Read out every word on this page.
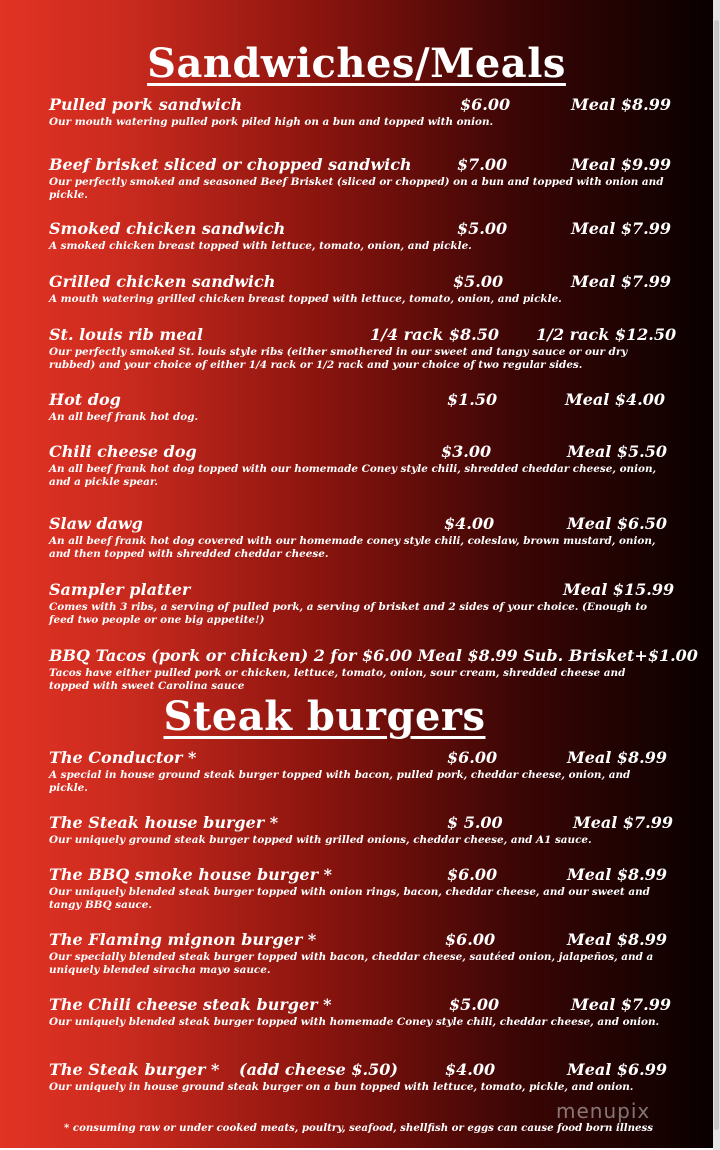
Sandwiches/Meals
Pulled pork sandwich	$6.00	Meal $8.99
Our mouth watering pulled pork piled high on a bun and topped with onion.
Beef brisket sliced or chopped sandwich	$7.00	Meal $9.99
Our perfectly smoked and seasoned Beef Brisket (sliced or chopped) on a bun and topped with onion and pickle.
Smoked chicken sandwich	$5.00	Meal $7.99
A smoked chicken breast topped with lettuce, tomato, onion, and pickle.
Grilled chicken sandwich	$5.00	Meal $7.99
A mouth watering grilled chicken breast topped with lettuce, tomato, onion, and pickle.
St. louis rib meal	1/4 rack $8.50 1/2 rack $12.50
Our perfectly smoked St. louis style ribs (either smothered in our sweet and tangy sauce or our dry rubbed) and your choice of either 1/4 rack or 1/2 rack and your choice of two regular sides.
Hot dog	$1.50	Meal $4.00
An all beef frank hot dog.
Chili cheese dog	$3.00	Meal $5.50
An all beef frank hot dog topped with our homemade Coney style chili, shredded cheddar cheese, onion, and a pickle spear.
Slaw dawg	$4.00	Meal $6.50
An all beef frank hot dog covered with our homemade coney style chili, coleslaw, brown mustard, onion, and then topped with shredded cheddar cheese.
Sampler platter	Meal $15.99
Comes with 3 ribs, a serving of pulled pork, a serving of brisket and 2 sides of your choice. (Enough to feed two people or one big appetite!)
BBQ Tacos (pork or chicken) 2 for $6.00 Meal $8.99 Sub. Brisket+$1.00
Tacos have either pulled pork or chicken, lettuce, tomato, onion, sour cream, shredded cheese and topped with sweet Carolina sauce
Steak burgers
The Conductor *	$6.00	Meal $8.99
A special in house ground steak burger topped with bacon, pulled pork, cheddar cheese, onion, and pickle.
The Steak house burger *	$ 5.00	Meal $7.99
Our uniquely ground steak burger topped with grilled onions, cheddar cheese, and A1 sauce.
The BBQ smoke house burger *	$6.00	Meal $8.99
Our uniquely blended steak burger topped with onion rings, bacon, cheddar cheese, and our sweet and tangy BBQ sauce.
The Flaming mignon burger *	$6.00	Meal $8.99
Our specially blended steak burger topped with bacon, cheddar cheese, sautéed onion, jalapeños, and a uniquely blended siracha mayo sauce.
The Chili cheese steak burger *	$5.00	Meal $7.99
Our uniquely blended steak burger topped with homemade Coney style chili, cheddar cheese, and onion.
The Steak burger * (add cheese $.50)	$4.00	Meal $6.99
Our uniquely in house ground steak burger on a bun topped with lettuce, tomato, pickle, and onion.
* consuming raw or under cooked meats, poultry, seafood, shellfish or eggs can cause food born illness
menupix
